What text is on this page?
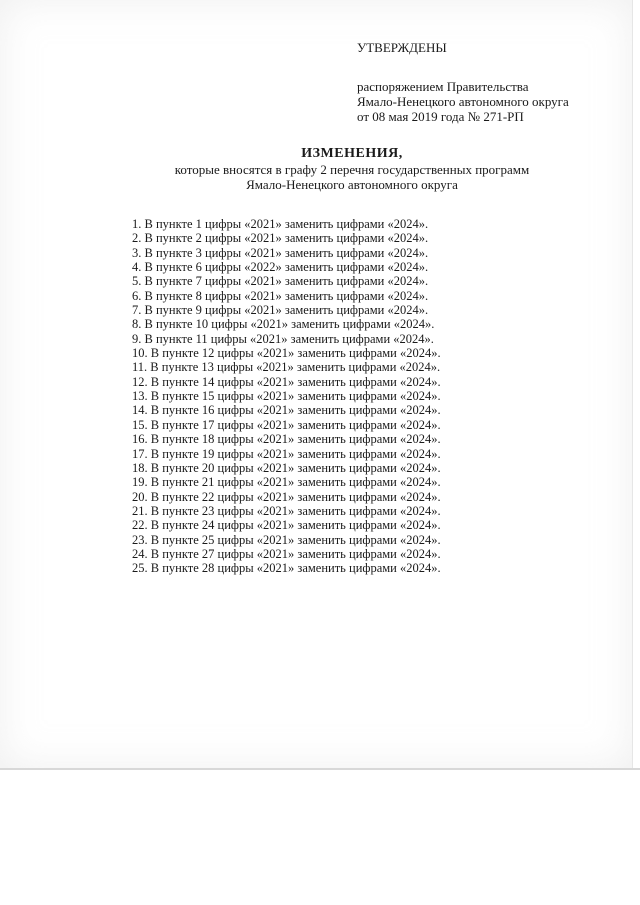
УТВЕРЖДЕНЫ
распоряжением Правительства
Ямало-Ненецкого автономного округа
от 08 мая 2019 года № 271-РП
ИЗМЕНЕНИЯ,
которые вносятся в графу 2 перечня государственных программ
Ямало-Ненецкого автономного округа
1. В пункте 1 цифры «2021» заменить цифрами «2024».
2. В пункте 2 цифры «2021» заменить цифрами «2024».
3. В пункте 3 цифры «2021» заменить цифрами «2024».
4. В пункте 6 цифры «2022» заменить цифрами «2024».
5. В пункте 7 цифры «2021» заменить цифрами «2024».
6. В пункте 8 цифры «2021» заменить цифрами «2024».
7. В пункте 9 цифры «2021» заменить цифрами «2024».
8. В пункте 10 цифры «2021» заменить цифрами «2024».
9. В пункте 11 цифры «2021» заменить цифрами «2024».
10. В пункте 12 цифры «2021» заменить цифрами «2024».
11. В пункте 13 цифры «2021» заменить цифрами «2024».
12. В пункте 14 цифры «2021» заменить цифрами «2024».
13. В пункте 15 цифры «2021» заменить цифрами «2024».
14. В пункте 16 цифры «2021» заменить цифрами «2024».
15. В пункте 17 цифры «2021» заменить цифрами «2024».
16. В пункте 18 цифры «2021» заменить цифрами «2024».
17. В пункте 19 цифры «2021» заменить цифрами «2024».
18. В пункте 20 цифры «2021» заменить цифрами «2024».
19. В пункте 21 цифры «2021» заменить цифрами «2024».
20. В пункте 22 цифры «2021» заменить цифрами «2024».
21. В пункте 23 цифры «2021» заменить цифрами «2024».
22. В пункте 24 цифры «2021» заменить цифрами «2024».
23. В пункте 25 цифры «2021» заменить цифрами «2024».
24. В пункте 27 цифры «2021» заменить цифрами «2024».
25. В пункте 28 цифры «2021» заменить цифрами «2024».
